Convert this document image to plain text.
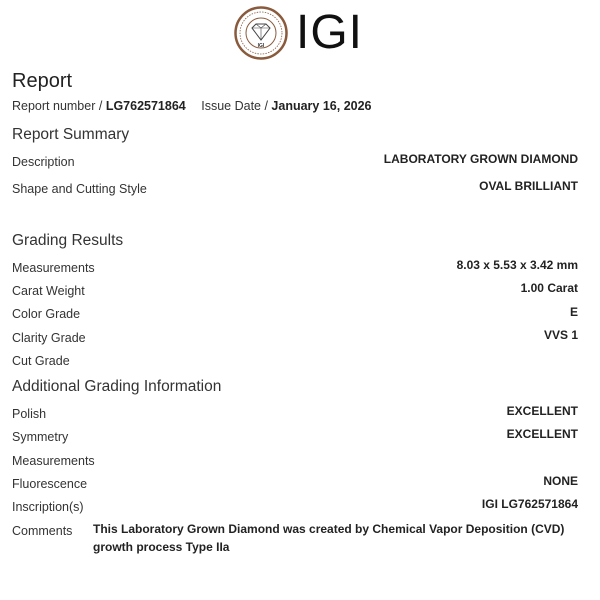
IGI IGI
Report
Report number / LG762571864 Issue Date / January 16, 2026
Report Summary
Description	LABORATORY GROWN DIAMOND
Shape and Cutting Style	OVAL BRILLIANT
Grading Results
Measurements	8.03 x 5.53 x 3.42 mm
Carat Weight	1.00 Carat
Color Grade	E
Clarity Grade	VVS 1
Cut Grade
Additional Grading Information
Polish	EXCELLENT
Symmetry	EXCELLENT
Measurements
Fluorescence	NONE
Inscription(s)	IGI LG762571864
Comments This Laboratory Grown Diamond was created by Chemical Vapor Deposition (CVD) growth process Type IIa
